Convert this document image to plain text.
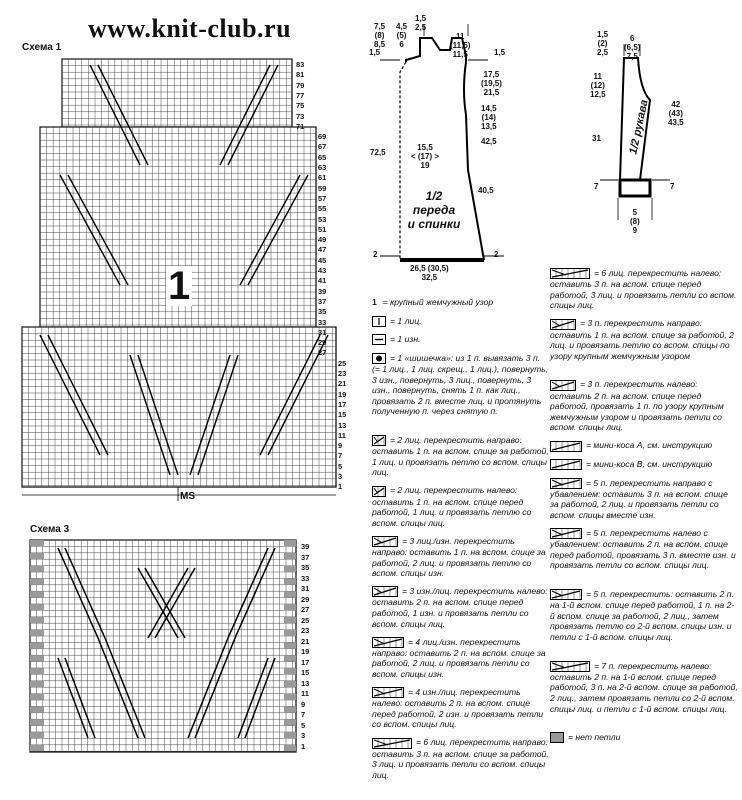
www.knit-club.ru
Схема 1
1
MS
83
81
79
77
75
73
71
69
67
65
63
61
59
57
55
53
51
49
47
45
43
41
39
37
35
33
31
29
27
25
23
21
19
17
15
13
11
9
7
5
3
1
Схема 3
39
37
35
33
31
29
27
25
23
21
19
17
15
13
11
9
7
5
3
1
7,5
(8)
8,5
4,5
(5)
6
1,5
2,5
11
(11,5)
11,5
1,5	1,5
17,5
(19,5)
21,5
14,5
(14)
13,5
42,5
72,5
15,5
< (17) >
19
40,5
26,5 (30,5)
32,5
2	2
1/2
переда
и спинки
1,5
(2)
2,5
6
(6,5)
7,5
11
(12)
12,5
42
(43)
43,5
31
7	7
5
(8)
9
1/2 рукава
1 = крупный жемчужный узор
= 1 лиц.
= 1 изн.
= 1 «шишечка»: из 1 п. вывязать 3 п. (= 1 лиц., 1 лиц. скрещ., 1 лиц.), повернуть, 3 изн., повернуть, 3 лиц., повернуть, 3 изн., повернуть, снять 1 п. как лиц., провязать 2 п. вместе лиц. и протянуть полученную п. через снятую п.
= 2 лиц. перекрестить направо: оставить 1 п. на вспом. спице за работой, 1 лиц. и провязать петлю со вспом. спицы лиц.
= 2 лиц. перекрестить налево: оставить 1 п. на вспом. спице перед работой, 1 лиц. и провязать петлю со вспом. спицы лиц.
= 3 лиц./изн. перекрестить направо: оставить 1 п. на вспом. спице за работой, 2 лиц. и провязать петлю со вспом. спицы изн.
= 3 изн./лиц. перекрестить налево: оставить 2 п. на вспом. спице перед работой, 1 изн. и провязать петли со вспом. спицы лиц.
= 4 лиц./изн. перекрестить направо: оставить 2 п. на вспом. спице за работой, 2 лиц. и провязать петли со вспом. спицы изн.
= 4 изн./лиц. перекрестить налево: оставить 2 п. на вспом. спице перед работой, 2 изн. и провязать петли со вспом. спицы лиц.
= 6 лиц. перекрестить направо: оставить 3 п. на вспом. спице за работой, 3 лиц. и провязать петли со вспом. спицы лиц.
= 6 лиц. перекрестить налево: оставить 3 п. на вспом. спице перед работой, 3 лиц. и провязать петли со вспом. спицы лиц.
= 3 п. перекрестить направо: оставить 1 п. на вспом. спице за работой, 2 лиц. и провязать петлю со вспом. спицы по узору крупным жемчужным узором
= 3 п. перекрестить налево: оставить 2 п. на вспом. спице перед работой, провязать 1 п. по узору крупным жемчужным узором и провязать петли со вспом. спицы лиц.
= мини-коса А, см. инструкцию
= мини-коса В, см. инструкцию
= 5 п. перекрестить направо с убавлением: оставить 3 п. на вспом. спице за работой, 2 лиц. и провязать петли со вспом. спицы вместе изн.
= 5 п. перекрестить налево с убавлением: оставить 2 п. на вспом. спице перед работой, провязать 3 п. вместе изн. и провязать петли со вспом. спицы лиц.
= 5 п. перекрестить: оставить 2 п. на 1-й вспом. спице перед работой, 1 п. на 2-й вспом. спице за работой, 2 лиц., затем провязать петлю со 2-й вспом. спицы изн. и петли с 1-й вспом. спицы лиц.
= 7 п. перекрестить налево: оставить 2 п. на 1-й вспом. спице перед работой, 3 п. на 2-й вспом. спице за работой, 2 лиц., затем провязать петли со 2-й вспом. спицы лиц. и петли с 1-й вспом. спицы лиц.
= нет петли
